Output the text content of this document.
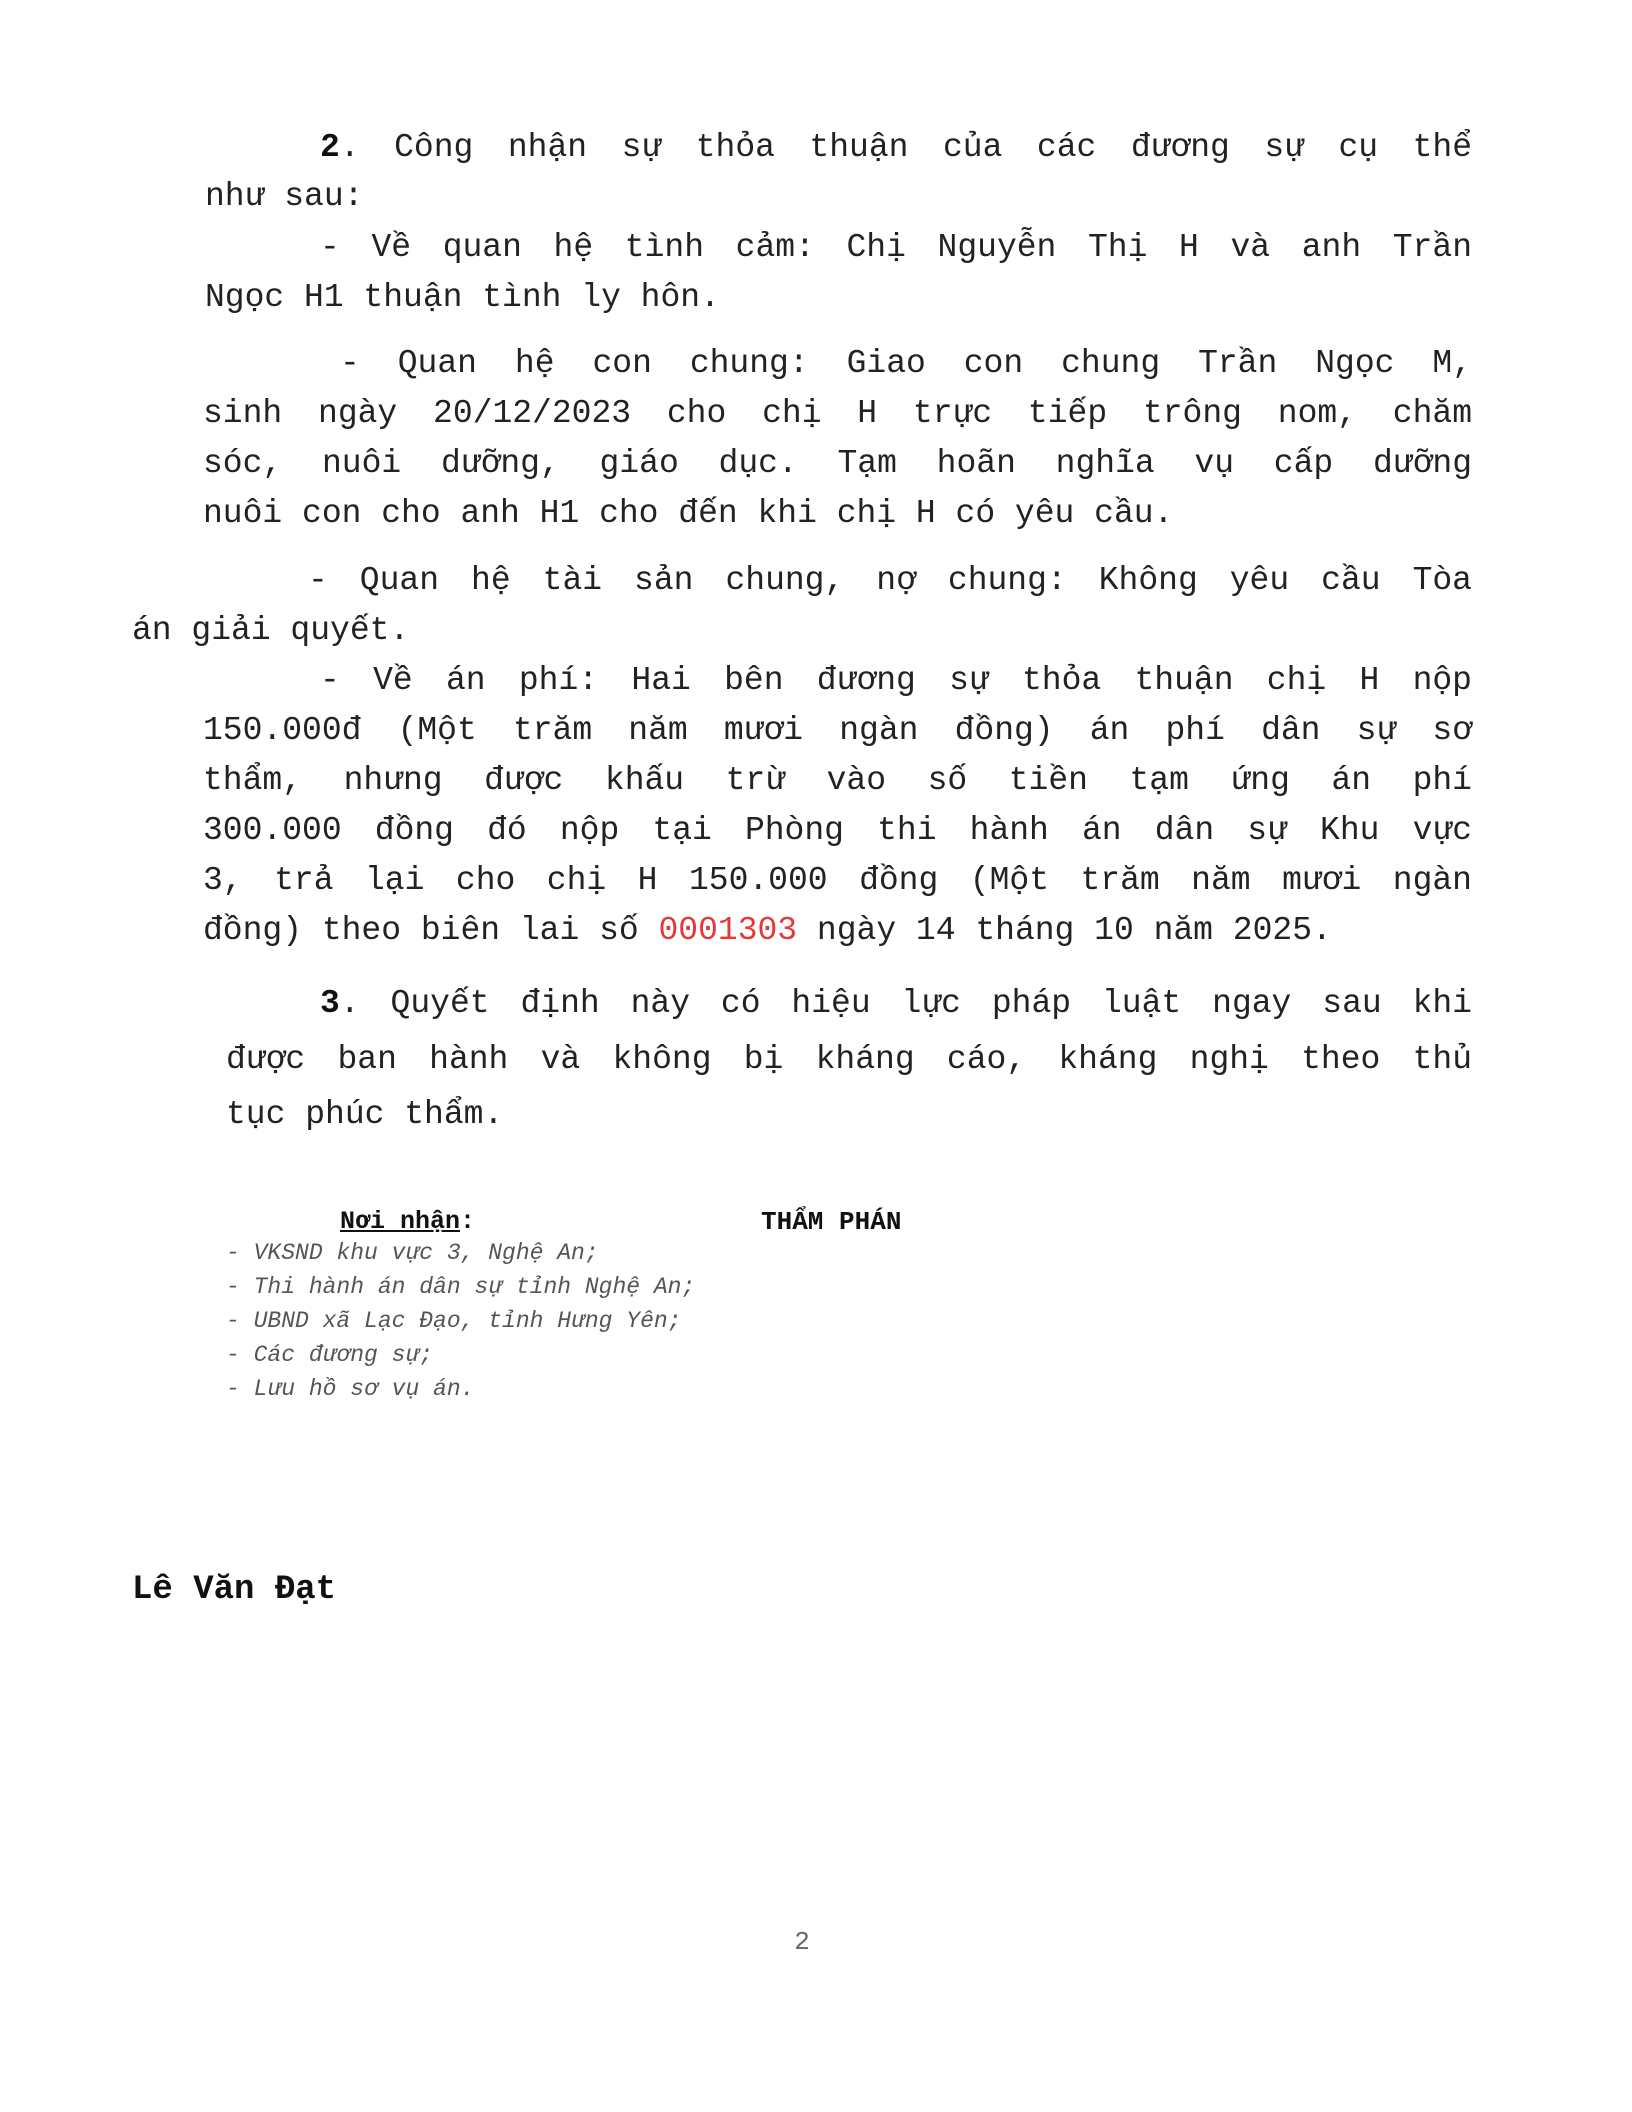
2. Công nhận sự thỏa thuận của các đương sự cụ thể
như sau:
- Về quan hệ tình cảm: Chị Nguyễn Thị H và anh Trần
Ngọc H1 thuận tình ly hôn.
- Quan hệ con chung: Giao con chung Trần Ngọc M,
sinh ngày 20/12/2023 cho chị H trực tiếp trông nom, chăm
sóc, nuôi dưỡng, giáo dục. Tạm hoãn nghĩa vụ cấp dưỡng
nuôi con cho anh H1 cho đến khi chị H có yêu cầu.
- Quan hệ tài sản chung, nợ chung: Không yêu cầu Tòa
án giải quyết.
- Về án phí: Hai bên đương sự thỏa thuận chị H nộp
150.000đ (Một trăm năm mươi ngàn đồng) án phí dân sự sơ
thẩm, nhưng được khấu trừ vào số tiền tạm ứng án phí
300.000 đồng đó nộp tại Phòng thi hành án dân sự Khu vực
3, trả lại cho chị H 150.000 đồng (Một trăm năm mươi ngàn
đồng) theo biên lai số 0001303 ngày 14 tháng 10 năm 2025.
3. Quyết định này có hiệu lực pháp luật ngay sau khi
được ban hành và không bị kháng cáo, kháng nghị theo thủ
tục phúc thẩm.
Nơi nhận:	THẨM PHÁN
- VKSND khu vực 3, Nghệ An;
- Thi hành án dân sự tỉnh Nghệ An;
- UBND xã Lạc Đạo, tỉnh Hưng Yên;
- Các đương sự;
- Lưu hồ sơ vụ án.
Lê Văn Đạt
2
